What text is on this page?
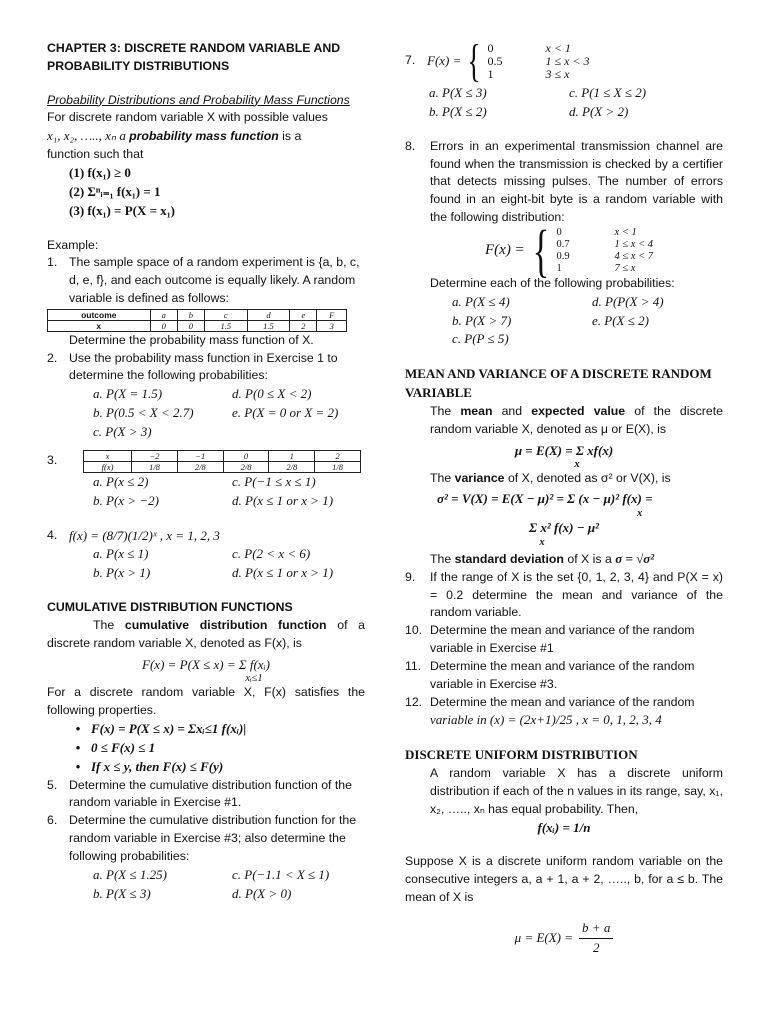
CHAPTER 3: DISCRETE RANDOM VARIABLE AND PROBABILITY DISTRIBUTIONS
Probability Distributions and Probability Mass Functions
For discrete random variable X with possible values
x₁, x₂, ….., xₙ a probability mass function is a
function such that
(1) f(x₁) ≥ 0
(2) Σⁿᵢ₌₁ f(x₁) = 1
(3) f(x₁) = P(X = x₁)
Example:
1. The sample space of a random experiment is {a, b, c, d, e, f}, and each outcome is equally likely. A random variable is defined as follows:
outcome	a	b	c	d	e	F
x	0	0	1.5	1.5	2	3
Determine the probability mass function of X.
2. Use the probability mass function in Exercise 1 to determine the following probabilities:
a. P(X = 1.5)	d. P(0 ≤ X < 2)
b. P(0.5 < X < 2.7)	e. P(X = 0 or X = 2)
c. P(X > 3)
3.	x	−2	−1	0	1	2
f(x)	1/8	2/8	2/8	2/8	1/8
a. P(x ≤ 2)	c. P(−1 ≤ x ≤ 1)
b. P(x > −2)	d. P(x ≤ 1 or x > 1)
4. f(x) = (8/7)(1/2)ˣ , x = 1, 2, 3
a. P(x ≤ 1)	c. P(2 < x < 6)
b. P(x > 1)	d. P(x ≤ 1 or x > 1)
CUMULATIVE DISTRIBUTION FUNCTIONS
The cumulative distribution function of a discrete random variable X, denoted as F(x), is
F(x) = P(X ≤ x) = Σ f(xᵢ)
xᵢ≤1
For a discrete random variable X, F(x) satisfies the following properties.
• F(x) = P(X ≤ x) = Σxᵢ≤1 f(xᵢ)|
• 0 ≤ F(x) ≤ 1
• If x ≤ y, then F(x) ≤ F(y)
5. Determine the cumulative distribution function of the random variable in Exercise #1.
6. Determine the cumulative distribution function for the random variable in Exercise #3; also determine the following probabilities:
a. P(X ≤ 1.25)	c. P(−1.1 < X ≤ 1)
b. P(X ≤ 3)	d. P(X > 0)
7. F(x) = { 0	x < 1
0.5	1 ≤ x < 3
1	3 ≤ x
a. P(X ≤ 3)	c. P(1 ≤ X ≤ 2)
b. P(X ≤ 2)	d. P(X > 2)
8.	Errors in an experimental transmission channel are found when the transmission is checked by a certifier that detects missing pulses. The number of errors found in an eight-bit byte is a random variable with the following distribution:
F(x) = { 0	x < 1
0.7	1 ≤ x < 4
0.9	4 ≤ x < 7
1	7 ≤ x
Determine each of the following probabilities:
a. P(X ≤ 4)	d. P(P(X > 4)
b. P(X > 7)	e. P(X ≤ 2)
c. P(P ≤ 5)
MEAN AND VARIANCE OF A DISCRETE RANDOM VARIABLE
The mean and expected value of the discrete random variable X, denoted as μ or E(X), is
μ = E(X) = Σ xf(x)
x
The variance of X, denoted as σ² or V(X), is
σ² = V(X) = E(X − μ)² = Σ (x − μ)² f(x) =
x
Σ x² f(x) − μ²
x
The standard deviation of X is a σ = √σ²
9.	If the range of X is the set {0, 1, 2, 3, 4} and P(X = x) = 0.2 determine the mean and variance of the random variable.
10. Determine the mean and variance of the random variable in Exercise #1
11. Determine the mean and variance of the random variable in Exercise #3.
12. Determine the mean and variance of the random
variable in (x) = (2x+1)/25 , x = 0, 1, 2, 3, 4
DISCRETE UNIFORM DISTRIBUTION
A random variable X has a discrete uniform distribution if each of the n values in its range, say, x₁, x₂, ….., xₙ has equal probability. Then,
f(xᵢ) = 1/n
Suppose X is a discrete uniform random variable on the consecutive integers a, a + 1, a + 2, ….., b, for a ≤ b. The mean of X is
$\mu = E(X) = \frac{b + a}{2}$
